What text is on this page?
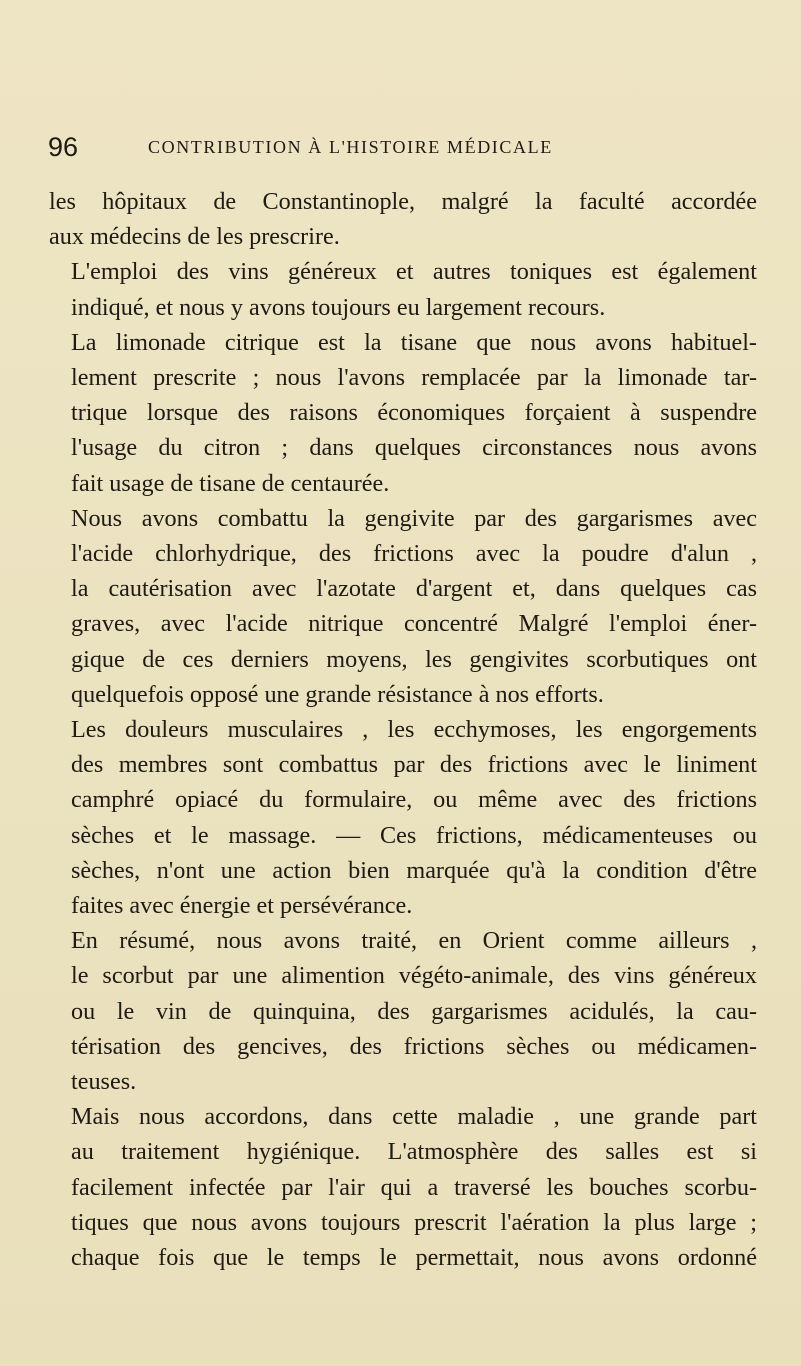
96	CONTRIBUTION À L'HISTOIRE MÉDICALE

les hôpitaux de Constantinople, malgré la faculté accordée
aux médecins de les prescrire.

L'emploi des vins généreux et autres toniques est également
indiqué, et nous y avons toujours eu largement recours.

La limonade citrique est la tisane que nous avons habituel-
lement prescrite ; nous l'avons remplacée par la limonade tar-
trique lorsque des raisons économiques forçaient à suspendre
l'usage du citron ; dans quelques circonstances nous avons
fait usage de tisane de centaurée.

Nous avons combattu la gengivite par des gargarismes avec
l'acide chlorhydrique, des frictions avec la poudre d'alun ,
la cautérisation avec l'azotate d'argent et, dans quelques cas
graves, avec l'acide nitrique concentré Malgré l'emploi éner-
gique de ces derniers moyens, les gengivites scorbutiques ont
quelquefois opposé une grande résistance à nos efforts.

Les douleurs musculaires , les ecchymoses, les engorgements
des membres sont combattus par des frictions avec le liniment
camphré opiacé du formulaire, ou même avec des frictions
sèches et le massage. — Ces frictions, médicamenteuses ou
sèches, n'ont une action bien marquée qu'à la condition d'être
faites avec énergie et persévérance.

En résumé, nous avons traité, en Orient comme ailleurs ,
le scorbut par une alimention végéto-animale, des vins généreux
ou le vin de quinquina, des gargarismes acidulés, la cau-
térisation des gencives, des frictions sèches ou médicamen-
teuses.

Mais nous accordons, dans cette maladie , une grande part
au traitement hygiénique. L'atmosphère des salles est si
facilement infectée par l'air qui a traversé les bouches scorbu-
tiques que nous avons toujours prescrit l'aération la plus large ;
chaque fois que le temps le permettait, nous avons ordonné
